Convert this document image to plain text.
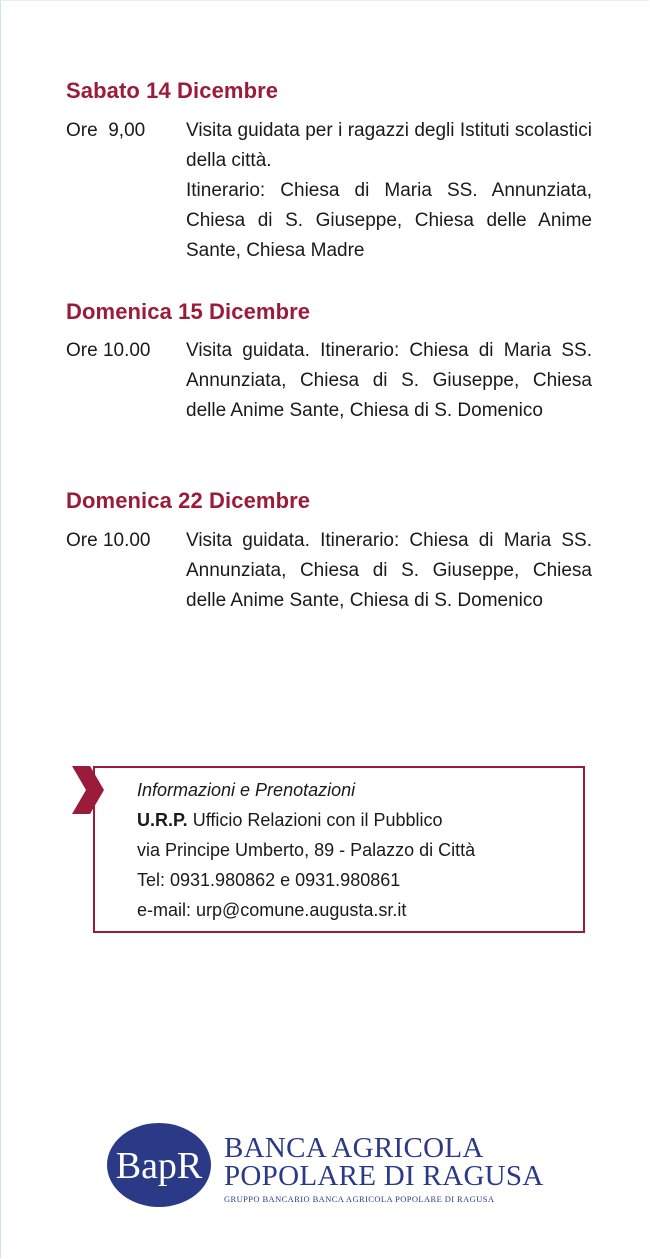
Sabato 14 Dicembre
Ore  9,00	Visita guidata per i ragazzi degli Istituti scolastici della città.
Itinerario: Chiesa di Maria SS. Annunziata, Chiesa di S. Giuseppe, Chiesa delle Anime Sante, Chiesa Madre
Domenica 15 Dicembre
Ore 10.00	Visita guidata. Itinerario: Chiesa di Maria SS. Annunziata, Chiesa di S. Giuseppe, Chiesa delle Anime Sante, Chiesa di S. Domenico
Domenica 22 Dicembre
Ore 10.00	Visita guidata. Itinerario: Chiesa di Maria SS. Annunziata, Chiesa di S. Giuseppe, Chiesa delle Anime Sante, Chiesa di S. Domenico
Informazioni e Prenotazioni
U.R.P. Ufficio Relazioni con il Pubblico
via Principe Umberto, 89 - Palazzo di Città
Tel: 0931.980862 e 0931.980861
e-mail: urp@comune.augusta.sr.it
BapR BANCA AGRICOLA
POPOLARE DI RAGUSA
GRUPPO BANCARIO BANCA AGRICOLA POPOLARE DI RAGUSA
